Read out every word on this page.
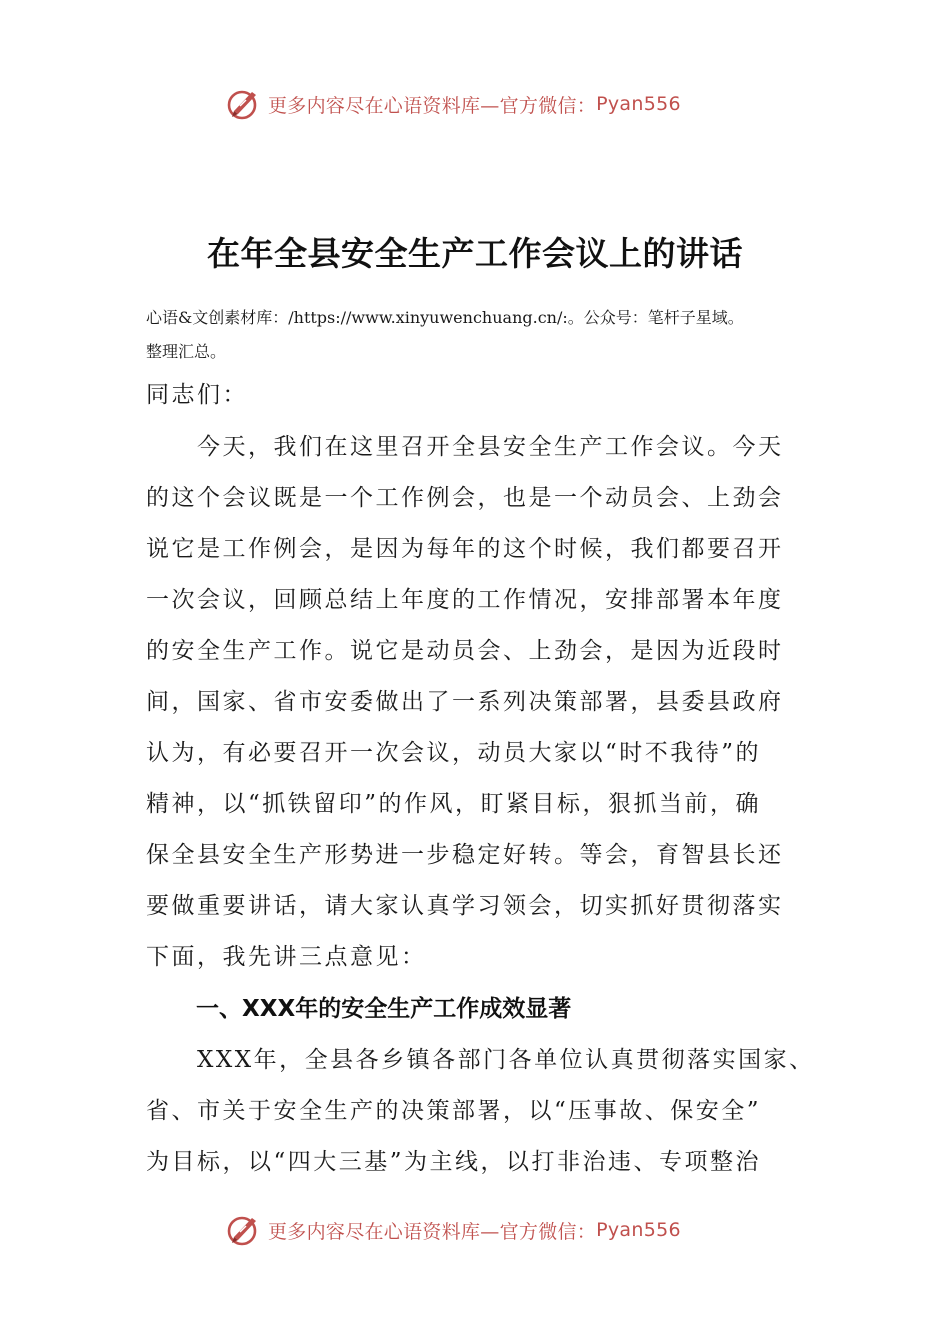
更多内容尽在心语资料库—官方微信： Pyan556
在年全县安全生产工作会议上的讲话
心语&文创素材库：/https://www.xinyuwenchuang.cn/:。公众号：笔杆子星域。
整理汇总。
同志们：
　　今天，我们在这里召开全县安全生产工作会议。今天
的这个会议既是一个工作例会，也是一个动员会、上劲会
说它是工作例会，是因为每年的这个时候，我们都要召开
一次会议，回顾总结上年度的工作情况，安排部署本年度
的安全生产工作。说它是动员会、上劲会，是因为近段时
间，国家、省市安委做出了一系列决策部署，县委县政府
认为，有必要召开一次会议，动员大家以“时不我待”的
精神，以“抓铁留印”的作风，盯紧目标，狠抓当前，确
保全县安全生产形势进一步稳定好转。等会，育智县长还
要做重要讲话，请大家认真学习领会，切实抓好贯彻落实
下面，我先讲三点意见：
一、XXX年的安全生产工作成效显著
　　XXX年，全县各乡镇各部门各单位认真贯彻落实国家、
省、市关于安全生产的决策部署，以“压事故、保安全”
为目标，以“四大三基”为主线，以打非治违、专项整治
更多内容尽在心语资料库—官方微信： Pyan556
